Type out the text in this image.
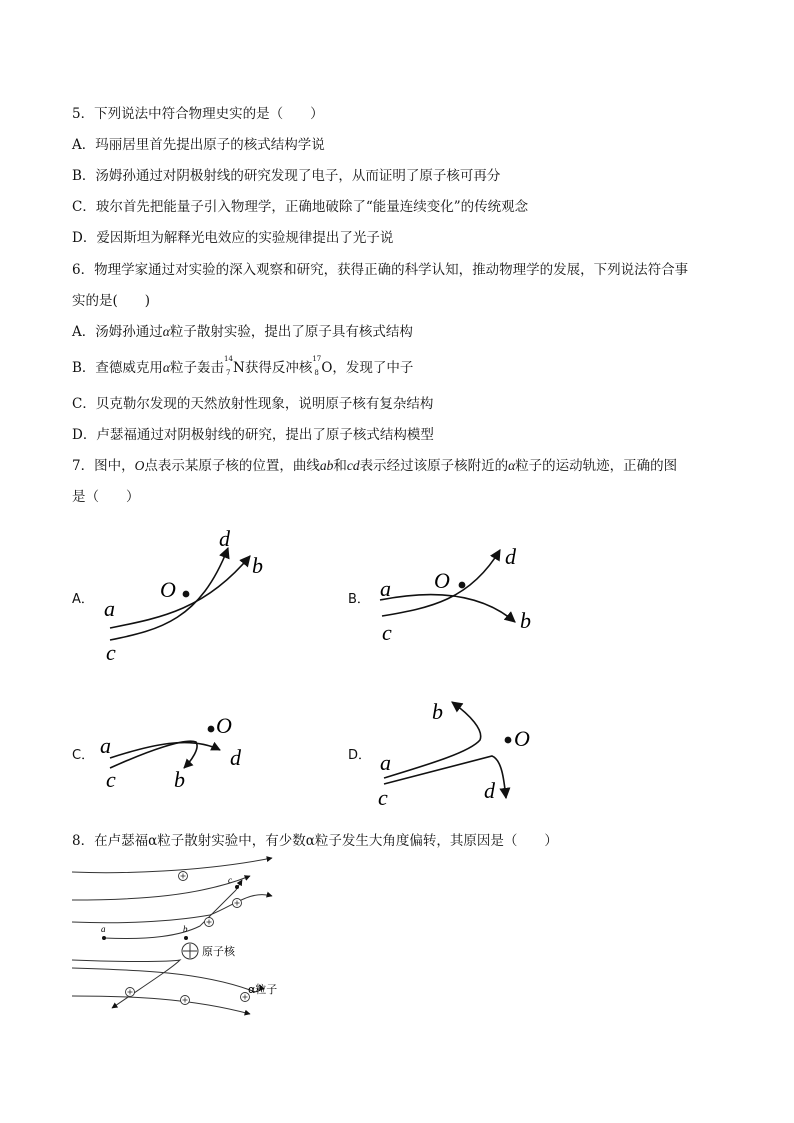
5．下列说法中符合物理史实的是（　　）
A．玛丽居里首先提出原子的核式结构学说
B．汤姆孙通过对阴极射线的研究发现了电子，从而证明了原子核可再分
C．玻尔首先把能量子引入物理学，正确地破除了“能量连续变化”的传统观念
D．爱因斯坦为解释光电效应的实验规律提出了光子说
6．物理学家通过对实验的深入观察和研究，获得正确的科学认知，推动物理学的发展，下列说法符合事
实的是(　　)
A．汤姆孙通过α粒子散射实验，提出了原子具有核式结构
B．查德威克用α粒子轰击
14
7 N获得反冲核
17
8 O，发现了中子
C．贝克勒尔发现的天然放射性现象，说明原子核有复杂结构
D．卢瑟福通过对阴极射线的研究，提出了原子核式结构模型
7．图中，O点表示某原子核的位置，曲线ab和cd表示经过该原子核附近的α粒子的运动轨迹，正确的图
是（　　）
A．	B．
C．	D．
O
a
c
d
b
O
a
c
d
b
O
a
c
d
b
O
b
a
c	d
8．在卢瑟福α粒子散射实验中，有少数α粒子发生大角度偏转，其原因是（　　）
a	b
c
原子核
α粒子
